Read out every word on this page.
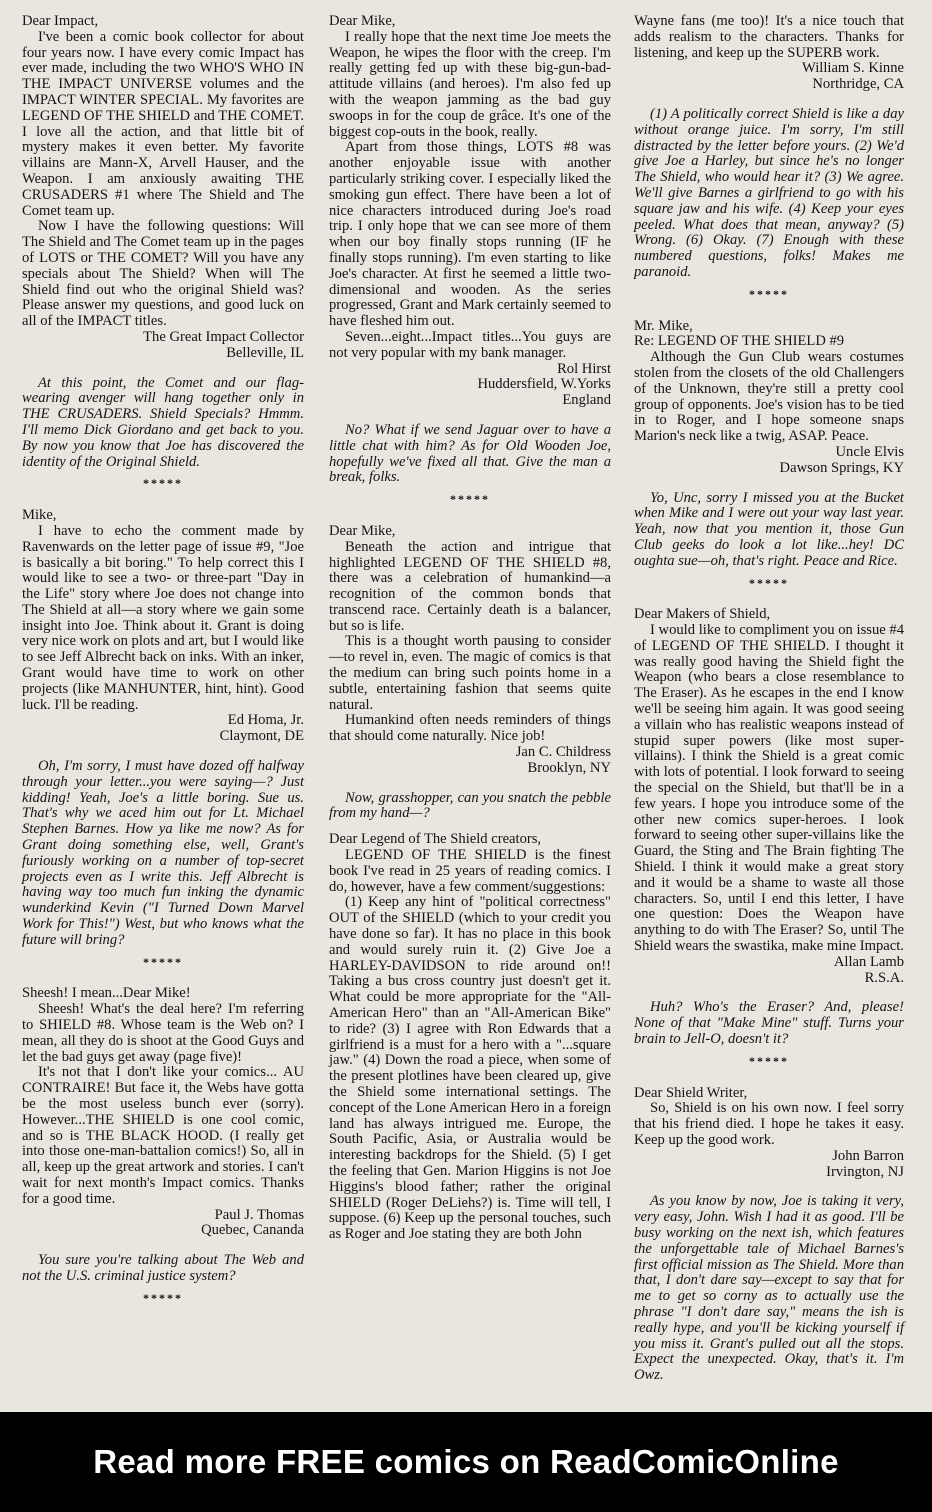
Dear Impact,

I've been a comic book collector for about four years now. I have every comic Impact has ever made, including the two WHO'S WHO IN THE IMPACT UNIVERSE volumes and the IMPACT WINTER SPECIAL. My favorites are LEGEND OF THE SHIELD and THE COMET. I love all the action, and that little bit of mystery makes it even better. My favorite villains are Mann-X, Arvell Hauser, and the Weapon. I am anxiously awaiting THE CRUSADERS #1 where The Shield and The Comet team up.

Now I have the following questions: Will The Shield and The Comet team up in the pages of LOTS or THE COMET? Will you have any specials about The Shield? When will The Shield find out who the original Shield was? Please answer my questions, and good luck on all of the IMPACT titles.

The Great Impact Collector

Belleville, IL

At this point, the Comet and our flag-wearing avenger will hang together only in THE CRUSADERS. Shield Specials? Hmmm. I'll memo Dick Giordano and get back to you. By now you know that Joe has discovered the identity of the Original Shield.

*****

Mike,

I have to echo the comment made by Ravenwards on the letter page of issue #9, "Joe is basically a bit boring." To help correct this I would like to see a two- or three-part "Day in the Life" story where Joe does not change into The Shield at all—a story where we gain some insight into Joe. Think about it. Grant is doing very nice work on plots and art, but I would like to see Jeff Albrecht back on inks. With an inker, Grant would have time to work on other projects (like MANHUNTER, hint, hint). Good luck. I'll be reading.

Ed Homa, Jr.

Claymont, DE

Oh, I'm sorry, I must have dozed off halfway through your letter...you were saying—? Just kidding! Yeah, Joe's a little boring. Sue us. That's why we aced him out for Lt. Michael Stephen Barnes. How ya like me now? As for Grant doing something else, well, Grant's furiously working on a number of top-secret projects even as I write this. Jeff Albrecht is having way too much fun inking the dynamic wunderkind Kevin ("I Turned Down Marvel Work for This!") West, but who knows what the future will bring?

*****

Sheesh! I mean...Dear Mike!

Sheesh! What's the deal here? I'm referring to SHIELD #8. Whose team is the Web on? I mean, all they do is shoot at the Good Guys and let the bad guys get away (page five)!

It's not that I don't like your comics... AU CONTRAIRE! But face it, the Webs have gotta be the most useless bunch ever (sorry). However...THE SHIELD is one cool comic, and so is THE BLACK HOOD. (I really get into those one-man-battalion comics!) So, all in all, keep up the great artwork and stories. I can't wait for next month's Impact comics. Thanks for a good time.

Paul J. Thomas

Quebec, Cananda

You sure you're talking about The Web and not the U.S. criminal justice system?

*****

Dear Mike,

I really hope that the next time Joe meets the Weapon, he wipes the floor with the creep. I'm really getting fed up with these big-gun-bad-attitude villains (and heroes). I'm also fed up with the weapon jamming as the bad guy swoops in for the coup de grâce. It's one of the biggest cop-outs in the book, really.

Apart from those things, LOTS #8 was another enjoyable issue with another particularly striking cover. I especially liked the smoking gun effect. There have been a lot of nice characters introduced during Joe's road trip. I only hope that we can see more of them when our boy finally stops running (IF he finally stops running). I'm even starting to like Joe's character. At first he seemed a little two-dimensional and wooden. As the series progressed, Grant and Mark certainly seemed to have fleshed him out.

Seven...eight...Impact titles...You guys are not very popular with my bank manager.

Rol Hirst

Huddersfield, W.Yorks

England

No? What if we send Jaguar over to have a little chat with him? As for Old Wooden Joe, hopefully we've fixed all that. Give the man a break, folks.

*****

Dear Mike,

Beneath the action and intrigue that highlighted LEGEND OF THE SHIELD #8, there was a celebration of humankind—a recognition of the common bonds that transcend race. Certainly death is a balancer, but so is life.

This is a thought worth pausing to consider—to revel in, even. The magic of comics is that the medium can bring such points home in a subtle, entertaining fashion that seems quite natural.

Humankind often needs reminders of things that should come naturally. Nice job!

Jan C. Childress

Brooklyn, NY

Now, grasshopper, can you snatch the pebble from my hand—?

Dear Legend of The Shield creators,

LEGEND OF THE SHIELD is the finest book I've read in 25 years of reading comics. I do, however, have a few comment/suggestions:

(1) Keep any hint of "political correctness" OUT of the SHIELD (which to your credit you have done so far). It has no place in this book and would surely ruin it. (2) Give Joe a HARLEY-DAVIDSON to ride around on!! Taking a bus cross country just doesn't get it. What could be more appropriate for the "All-American Hero" than an "All-American Bike" to ride? (3) I agree with Ron Edwards that a girlfriend is a must for a hero with a "...square jaw." (4) Down the road a piece, when some of the present plotlines have been cleared up, give the Shield some international settings. The concept of the Lone American Hero in a foreign land has always intrigued me. Europe, the South Pacific, Asia, or Australia would be interesting backdrops for the Shield. (5) I get the feeling that Gen. Marion Higgins is not Joe Higgins's blood father; rather the original SHIELD (Roger DeLiehs?) is. Time will tell, I suppose. (6) Keep up the personal touches, such as Roger and Joe stating they are both John

Wayne fans (me too)! It's a nice touch that adds realism to the characters. Thanks for listening, and keep up the SUPERB work.

William S. Kinne

Northridge, CA

(1) A politically correct Shield is like a day without orange juice. I'm sorry, I'm still distracted by the letter before yours. (2) We'd give Joe a Harley, but since he's no longer The Shield, who would hear it? (3) We agree. We'll give Barnes a girlfriend to go with his square jaw and his wife. (4) Keep your eyes peeled. What does that mean, anyway? (5) Wrong. (6) Okay. (7) Enough with these numbered questions, folks! Makes me paranoid.

*****

Mr. Mike,

Re: LEGEND OF THE SHIELD #9

Although the Gun Club wears costumes stolen from the closets of the old Challengers of the Unknown, they're still a pretty cool group of opponents. Joe's vision has to be tied in to Roger, and I hope someone snaps Marion's neck like a twig, ASAP. Peace.

Uncle Elvis

Dawson Springs, KY

Yo, Unc, sorry I missed you at the Bucket when Mike and I were out your way last year. Yeah, now that you mention it, those Gun Club geeks do look a lot like...hey! DC oughta sue—oh, that's right. Peace and Rice.

*****

Dear Makers of Shield,

I would like to compliment you on issue #4 of LEGEND OF THE SHIELD. I thought it was really good having the Shield fight the Weapon (who bears a close resemblance to The Eraser). As he escapes in the end I know we'll be seeing him again. It was good seeing a villain who has realistic weapons instead of stupid super powers (like most super-villains). I think the Shield is a great comic with lots of potential. I look forward to seeing the special on the Shield, but that'll be in a few years. I hope you introduce some of the other new comics super-heroes. I look forward to seeing other super-villains like the Guard, the Sting and The Brain fighting The Shield. I think it would make a great story and it would be a shame to waste all those characters. So, until I end this letter, I have one question: Does the Weapon have anything to do with The Eraser? So, until The Shield wears the swastika, make mine Impact.

Allan Lamb

R.S.A.

Huh? Who's the Eraser? And, please! None of that "Make Mine" stuff. Turns your brain to Jell-O, doesn't it?

*****

Dear Shield Writer,

So, Shield is on his own now. I feel sorry that his friend died. I hope he takes it easy. Keep up the good work.

John Barron

Irvington, NJ

As you know by now, Joe is taking it very, very easy, John. Wish I had it as good. I'll be busy working on the next ish, which features the unforgettable tale of Michael Barnes's first official mission as The Shield. More than that, I don't dare say—except to say that for me to get so corny as to actually use the phrase "I don't dare say," means the ish is really hype, and you'll be kicking yourself if you miss it. Grant's pulled out all the stops. Expect the unexpected. Okay, that's it. I'm Owz.

Read more FREE comics on ReadComicOnline
